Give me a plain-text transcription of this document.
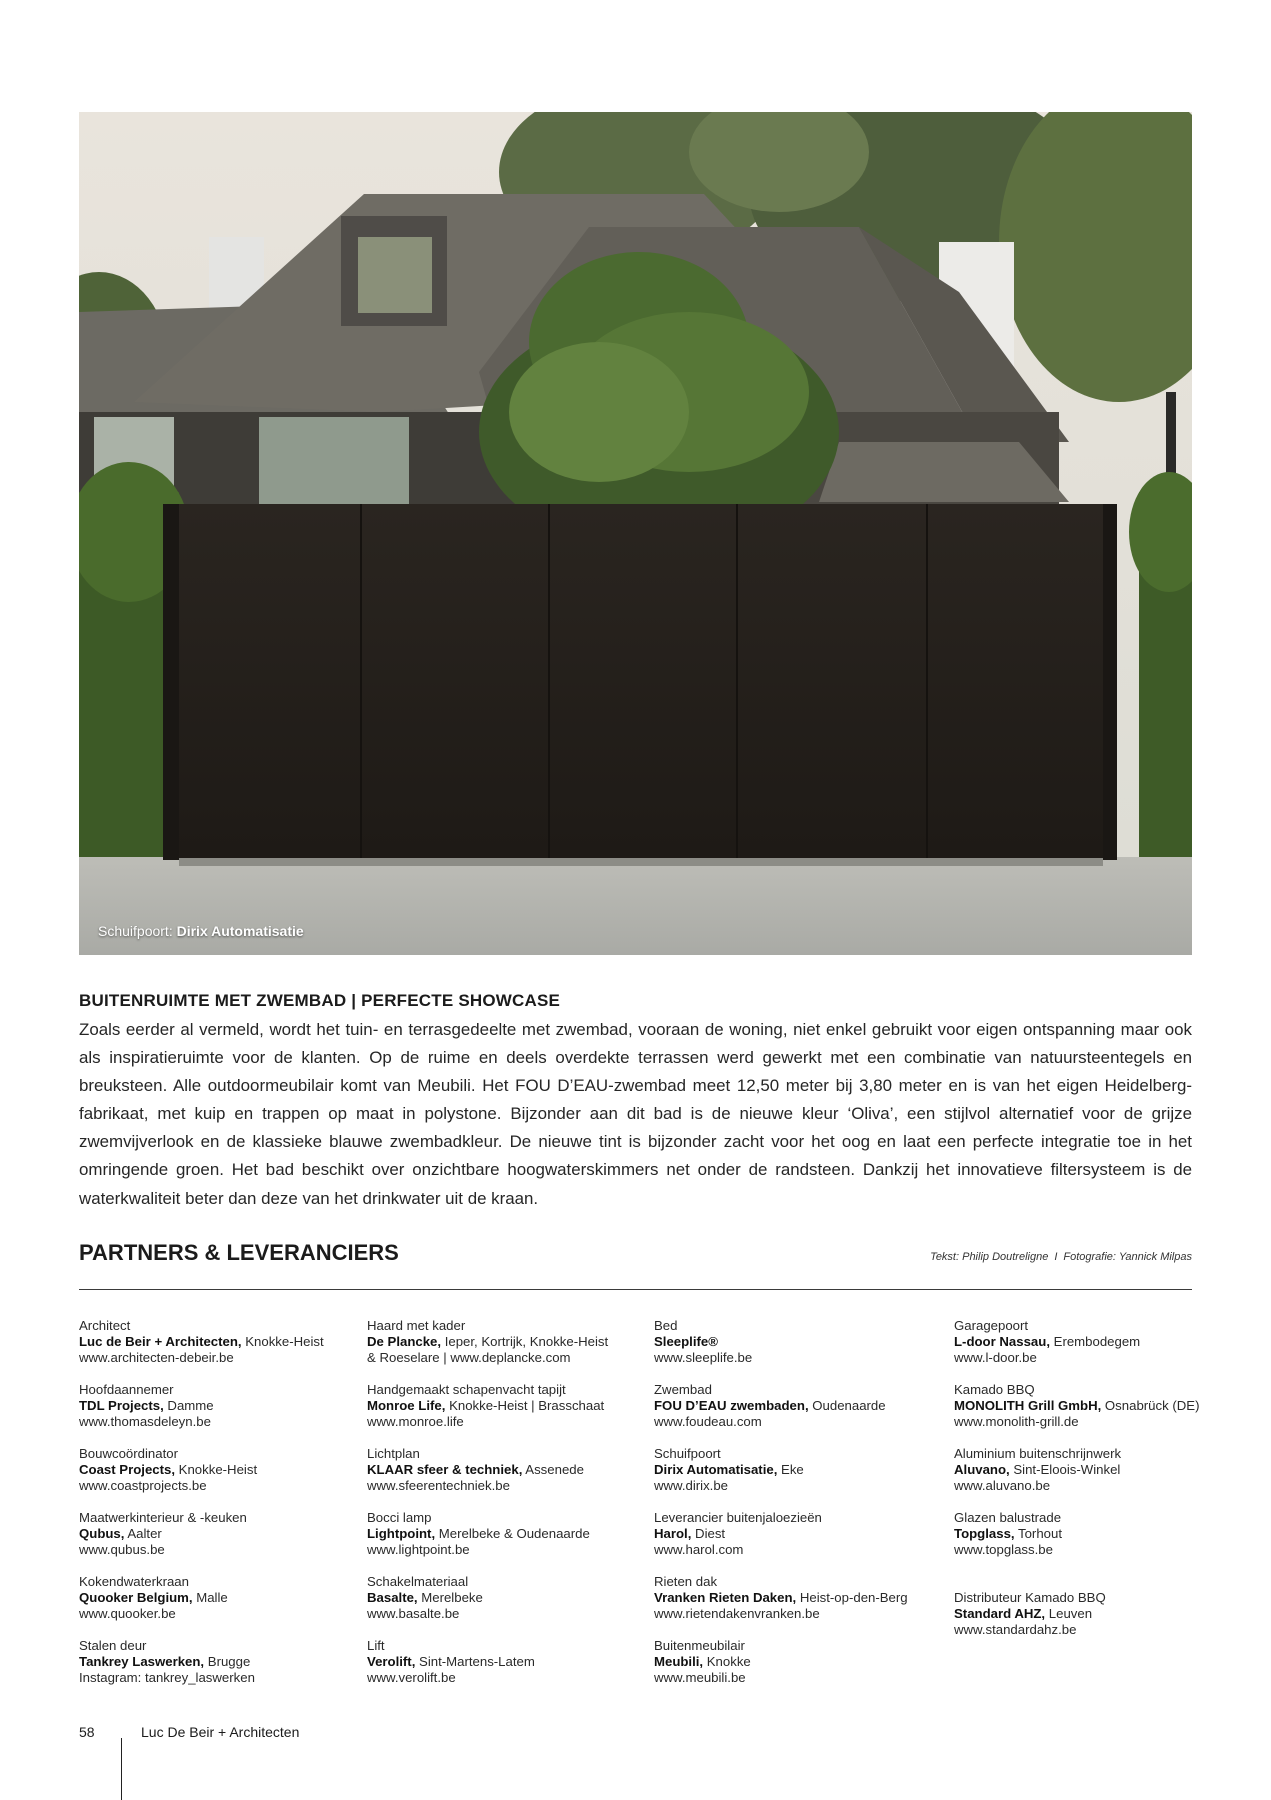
Schuifpoort: Dirix Automatisatie
BUITENRUIMTE MET ZWEMBAD | PERFECTE SHOWCASE

Zoals eerder al vermeld, wordt het tuin- en terrasgedeelte met zwembad, vooraan de woning, niet enkel gebruikt voor eigen ontspanning maar ook als inspiratieruimte voor de klanten. Op de ruime en deels overdekte terrassen werd gewerkt met een combinatie van natuursteentegels en breuksteen. Alle outdoormeubilair komt van Meubili. Het FOU D’EAU-zwembad meet 12,50 meter bij 3,80 meter en is van het eigen Heidelberg-fabrikaat, met kuip en trappen op maat in polystone. Bijzonder aan dit bad is de nieuwe kleur ‘Oliva’, een stijlvol alternatief voor de grijze zwemvijverlook en de klassieke blauwe zwembadkleur. De nieuwe tint is bijzonder zacht voor het oog en laat een perfecte integratie toe in het omringende groen. Het bad beschikt over onzichtbare hoogwaterskimmers net onder de randsteen. Dankzij het innovatieve filtersysteem is de waterkwaliteit beter dan deze van het drinkwater uit de kraan.

PARTNERS & LEVERANCIERS	Tekst: Philip Doutreligne I Fotografie: Yannick Milpas
Architect
Luc de Beir + Architecten, Knokke-Heist
www.architecten-debeir.be
Hoofdaannemer
TDL Projects, Damme
www.thomasdeleyn.be
Bouwcoördinator
Coast Projects, Knokke-Heist
www.coastprojects.be
Maatwerkinterieur & -keuken
Qubus, Aalter
www.qubus.be
Kokendwaterkraan
Quooker Belgium, Malle
www.quooker.be
Stalen deur
Tankrey Laswerken, Brugge
Instagram: tankrey_laswerken
Haard met kader
De Plancke, Ieper, Kortrijk, Knokke-Heist
& Roeselare | www.deplancke.com
Handgemaakt schapenvacht tapijt
Monroe Life, Knokke-Heist | Brasschaat
www.monroe.life
Lichtplan
KLAAR sfeer & techniek, Assenede
www.sfeerentechniek.be
Bocci lamp
Lightpoint, Merelbeke & Oudenaarde
www.lightpoint.be
Schakelmateriaal
Basalte, Merelbeke
www.basalte.be
Lift
Verolift, Sint-Martens-Latem
www.verolift.be
Bed
Sleeplife®
www.sleeplife.be
Zwembad
FOU D’EAU zwembaden, Oudenaarde
www.foudeau.com
Schuifpoort
Dirix Automatisatie, Eke
www.dirix.be
Leverancier buitenjaloezieën
Harol, Diest
www.harol.com
Rieten dak
Vranken Rieten Daken, Heist-op-den-Berg
www.rietendakenvranken.be
Buitenmeubilair
Meubili, Knokke
www.meubili.be
Garagepoort
L-door Nassau, Erembodegem
www.l-door.be
Kamado BBQ
MONOLITH Grill GmbH, Osnabrück (DE)
www.monolith-grill.de
Aluminium buitenschrijnwerk
Aluvano, Sint-Eloois-Winkel
www.aluvano.be
Glazen balustrade
Topglass, Torhout
www.topglass.be
Distributeur Kamado BBQ
Standard AHZ, Leuven
www.standardahz.be
58	Luc De Beir + Architecten
